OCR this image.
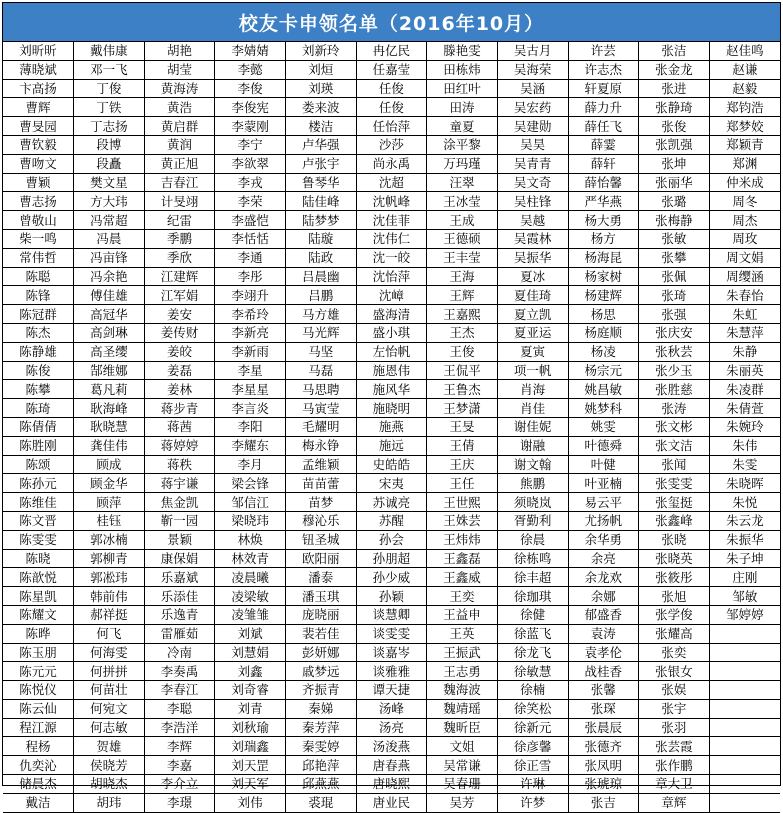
校友卡申领名单（2016年10月）
刘昕昕	戴伟康	胡艳	李婧婧	刘新玲	冉亿民	滕艳雯	吴古月	许芸	张洁	赵佳鸣
薄晓斌	邓一飞	胡莹	李懿	刘烜	任嘉莹	田栋炜	吴海荣	许志杰	张金龙	赵谦
卞高扬	丁俊	黄海涛	李俊	刘瑛	任俊	田红叶	吴涵	轩夏原	张进	赵毅
曹辉	丁铁	黄浩	李俊宪	娄来波	任俊	田涛	吴宏药	薛力升	张静琦	郑钧浩
曹旻园	丁志扬	黄启群	李蒙刚	楼洁	任怡萍	童夏	吴建勋	薛任飞	张俊	郑梦姣
曹钦毅	段博	黄润	李宁	卢华强	沙莎	涂平黎	吴昊	薛霎	张凯强	郑颖青
曹吻文	段矗	黄正旭	李欲翠	卢张宇	尚永禹	万玛瑾	吴青青	薛轩	张坤	郑渊
曹颖	樊文星	吉春江	李戎	鲁琴华	沈超	汪翠	吴文奇	薛怡馨	张丽华	仲米成
曹志扬	方大玮	计旻翊	李荣	陆佳峰	沈帆峰	王冰莹	吴柱锋	严华燕	张璐	周冬
曾敬山	冯常超	纪雷	李盛恺	陆梦梦	沈佳菲	王成	吴越	杨大勇	张梅静	周杰
柴一鸣	冯晨	季鹏	李恬恬	陆璇	沈伟仁	王德硕	吴霞林	杨方	张敏	周玫
常伟哲	冯亩锋	季欣	李通	陆政	沈一皎	王丰莹	吴振华	杨海昆	张攀	周文娟
陈聪	冯余艳	江建辉	李彤	吕晨幽	沈怡萍	王海	夏冰	杨家树	张佩	周缨涵
陈锋	傅佳雄	江军娟	李翊升	吕鹏	沈嶂	王辉	夏佳琦	杨建辉	张琦	朱春怡
陈冠群	高冠华	姜安	李希玲	马方雄	盛海清	王嘉熙	夏立凯	杨思	张强	朱虹
陈杰	高剑琳	姜传财	李新亮	马光辉	盛小琪	王杰	夏亚运	杨庭顺	张庆安	朱慧萍
陈静雄	高圣缨	姜皎	李新雨	马坚	左怡帆	王俊	夏寅	杨凌	张秋芸	朱静
陈俊	郜维娜	姜磊	李星	马磊	施恩伟	王侃平	项一帆	杨宗元	张少玉	朱丽英
陈攀	葛凡莉	姜林	李星星	马思聘	施风华	王鲁杰	肖海	姚昌敏	张胜慈	朱凌群
陈琦	耿海峰	蒋步青	李言炎	马寅莹	施晓明	王梦潇	肖佳	姚梦科	张涛	朱倩萱
陈倩倩	耿晓慧	蒋茜	李阳	毛耀明	施燕	王旻	谢佳妮	姚雯	张文彬	朱婉玲
陈胜刚	龚佳伟	蒋婷婷	李耀东	梅永铮	施远	王倩	谢融	叶德舜	张文洁	朱伟
陈颂	顾成	蒋秩	李月	孟维颖	史皓皓	王庆	谢文翰	叶健	张闻	朱雯
陈孙元	顾金华	蒋宇谦	梁会锋	苗苗蕾	宋夷	王任	熊鹏	叶亚楠	张雯雯	朱晓晖
陈维佳	顾萍	焦金凯	邹信江	苗梦	苏诚亮	王世熙	须晓岚	易云平	张玺挺	朱悦
陈文晋	桂钰	靳一园	梁晓玮	穆沁乐	苏醒	王姝芸	胥勤利	尤扬帆	张鑫峰	朱云龙
陈雯雯	郭冰楠	景颖	林焕	钮圣城	孙会	王炜炜	徐晨	余华勇	张晓	朱振华
陈晓	郭柳青	康保娟	林效青	欧阳丽	孙朋超	王鑫磊	徐栋鸣	余亮	张晓英	朱子坤
陈歆悦	郭凇玮	乐嘉斌	凌晨曦	潘泰	孙少威	王鑫威	徐丰超	余龙欢	张筱彤	庄刚
陈星凯	韩前伟	乐添佳	凌梁敏	潘玉琪	孙颖	王奕	徐珈琪	余娜	张旭	邹敏
陈耀文	郝祥挺	乐逸青	凌雏雏	庞晓丽	谈慧卿	王益申	徐健	郁盛香	张学俊	邹婷婷
陈晔	何飞	雷雁茹	刘斌	裴若佳	谈雯雯	王英	徐蓝飞	袁涛	张耀高	
陈玉朋	何海雯	冷南	刘慧娟	彭妍娜	谈嘉岑	王振武	徐龙飞	袁孝伦	张奕	
陈元元	何拼拼	李奏禹	刘鑫	戚梦远	谈雅雅	王志勇	徐敏慧	战桂香	张银女	
陈悦仪	何苗壮	李春江	刘奇睿	齐振青	谭天捷	魏海波	徐楠	张馨	张娱	
陈云仙	何宛文	李聪	刘青	秦娣	汤峰	魏靖瑶	徐笑松	张琛	张宇	
程江源	何志敏	李浩洋	刘秋瑜	秦芳萍	汤亮	魏昕臣	徐新元	张晨辰	张羽	
程杨	贺雄	李辉	刘瑞鑫	秦雯婷	汤浚燕	文姐	徐彦馨	张德齐	张芸霞	
仇奕沁	侯晓芳	李嘉	刘天罡	邱艳萍	唐春燕	吴常谦	徐正雪	张凤明	张作鹏	
储晨杰	胡晓杰	李介立	刘天军	邱燕燕	唐晓熙	吴春珊	许琳	张琥琼	章大卫	
戴洁	胡玮	李璟	刘伟	裘琨	唐业民	吴芳	许梦	张吉	章辉	
